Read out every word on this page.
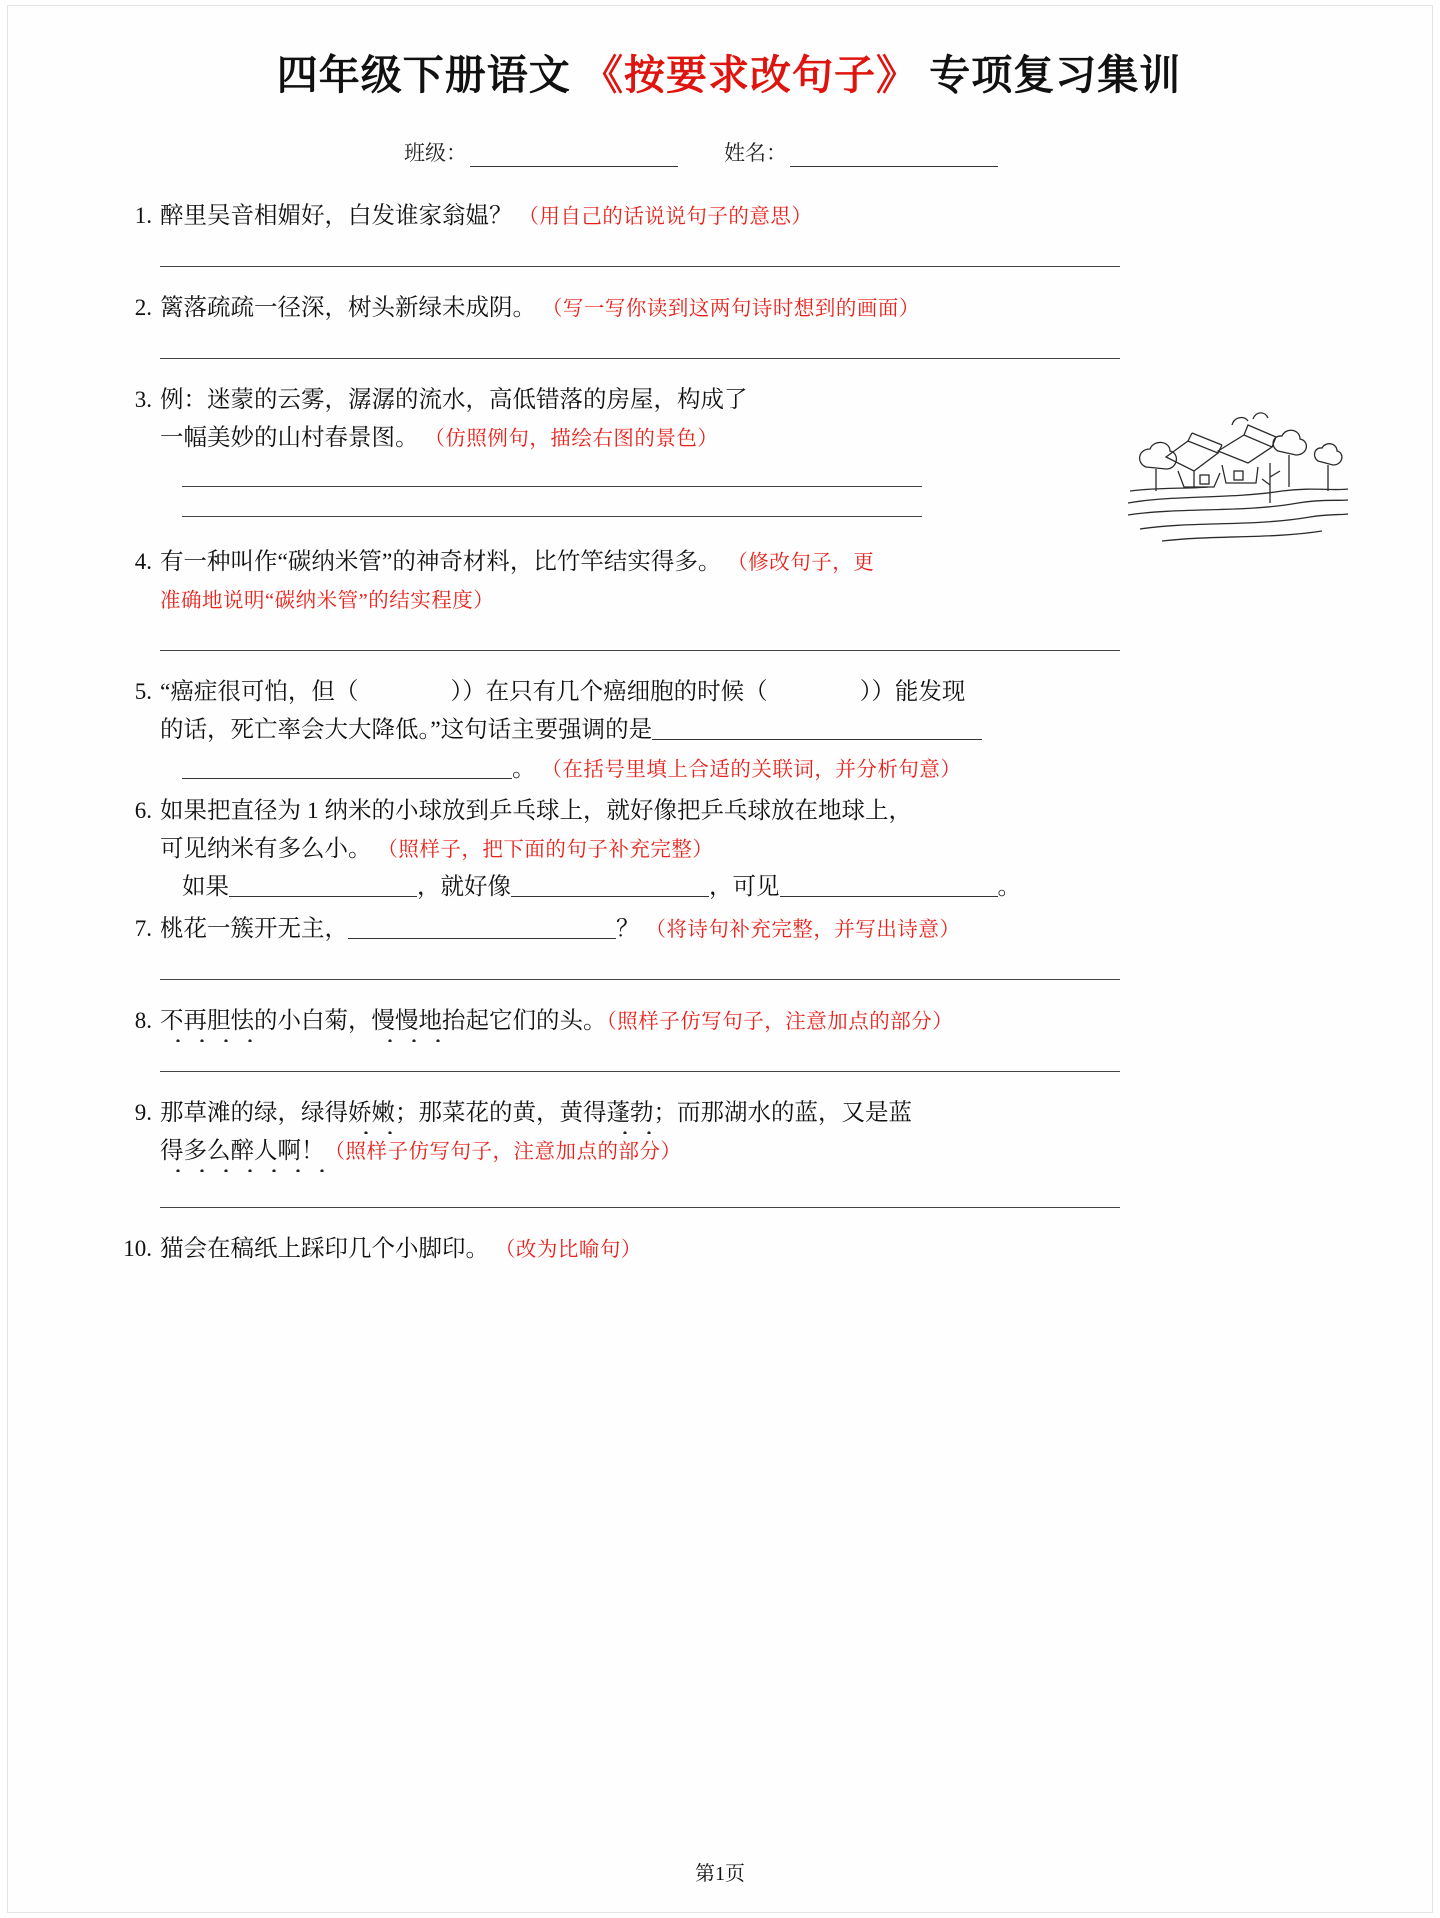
四年级下册语文 《按要求改句子》 专项复习集训
班级：	姓名：
1. 醉里吴音相媚好，白发谁家翁媪？ （用自己的话说说句子的意思）
2. 篱落疏疏一径深，树头新绿未成阴。 （写一写你读到这两句诗时想到的画面）
3. 例：迷蒙的云雾，潺潺的流水，高低错落的房屋，构成了
一幅美妙的山村春景图。 （仿照例句，描绘右图的景色）
4. 有一种叫作“碳纳米管”的神奇材料，比竹竿结实得多。 （修改句子，更
准确地说明“碳纳米管”的结实程度）
5. “癌症很可怕，但（	））在只有几个癌细胞的时候（	））能发现
的话，死亡率会大大降低。”这句话主要强调的是
。 （在括号里填上合适的关联词，并分析句意）
6. 如果把直径为 1 纳米的小球放到乒乓球上，就好像把乒乓球放在地球上，
可见纳米有多么小。 （照样子，把下面的句子补充完整）
如果	，就好像	，可见	。
7. 桃花一簇开无主，	？ （将诗句补充完整，并写出诗意）
8. 不再胆怯的小白菊，慢慢地抬起它们的头。（照样子仿写句子，注意加点的部分）
9. 那草滩的绿，绿得娇嫩；那菜花的黄，黄得蓬勃；而那湖水的蓝，又是蓝
得多么醉人啊！（照样子仿写句子，注意加点的部分）
10. 猫会在稿纸上踩印几个小脚印。 （改为比喻句）
第1页
